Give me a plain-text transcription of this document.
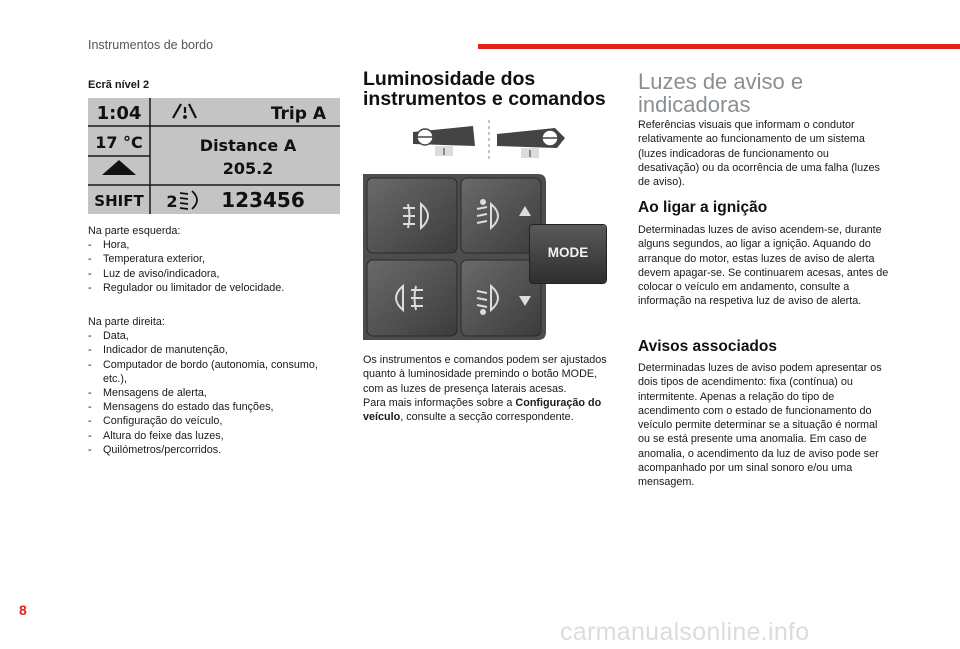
Instrumentos de bordo
Ecrã nível 2
1:04
17 °C
SHIFT
Trip A
Distance A
205.2
2 123456
Na parte esquerda:
- Hora,
- Temperatura exterior,
- Luz de aviso/indicadora,
- Regulador ou limitador de velocidade.
Na parte direita:
- Data,
- Indicador de manutenção,
- Computador de bordo (autonomia, consumo, etc.),
- Mensagens de alerta,
- Mensagens do estado das funções,
- Configuração do veículo,
- Altura do feixe das luzes,
- Quilómetros/percorridos.
Luminosidade dos
instrumentos e comandos
MODE

Os instrumentos e comandos podem ser ajustados quanto à luminosidade premindo o botão MODE, com as luzes de presença laterais acesas.

Para mais informações sobre a Configuração do veículo, consulte a secção correspondente.

Luzes de aviso e
indicadoras
Referências visuais que informam o condutor relativamente ao funcionamento de um sistema (luzes indicadoras de funcionamento ou desativação) ou da ocorrência de uma falha (luzes de aviso).
Ao ligar a ignição
Determinadas luzes de aviso acendem-se, durante alguns segundos, ao ligar a ignição. Aquando do arranque do motor, estas luzes de aviso de alerta devem apagar-se. Se continuarem acesas, antes de colocar o veículo em andamento, consulte a informação na respetiva luz de aviso de alerta.
Avisos associados
Determinadas luzes de aviso podem apresentar os dois tipos de acendimento: fixa (contínua) ou intermitente. Apenas a relação do tipo de acendimento com o estado de funcionamento do veículo permite determinar se a situação é normal ou se está presente uma anomalia. Em caso de anomalia, o acendimento da luz de aviso pode ser acompanhado por um sinal sonoro e/ou uma mensagem.
8
carmanualsonline.info
